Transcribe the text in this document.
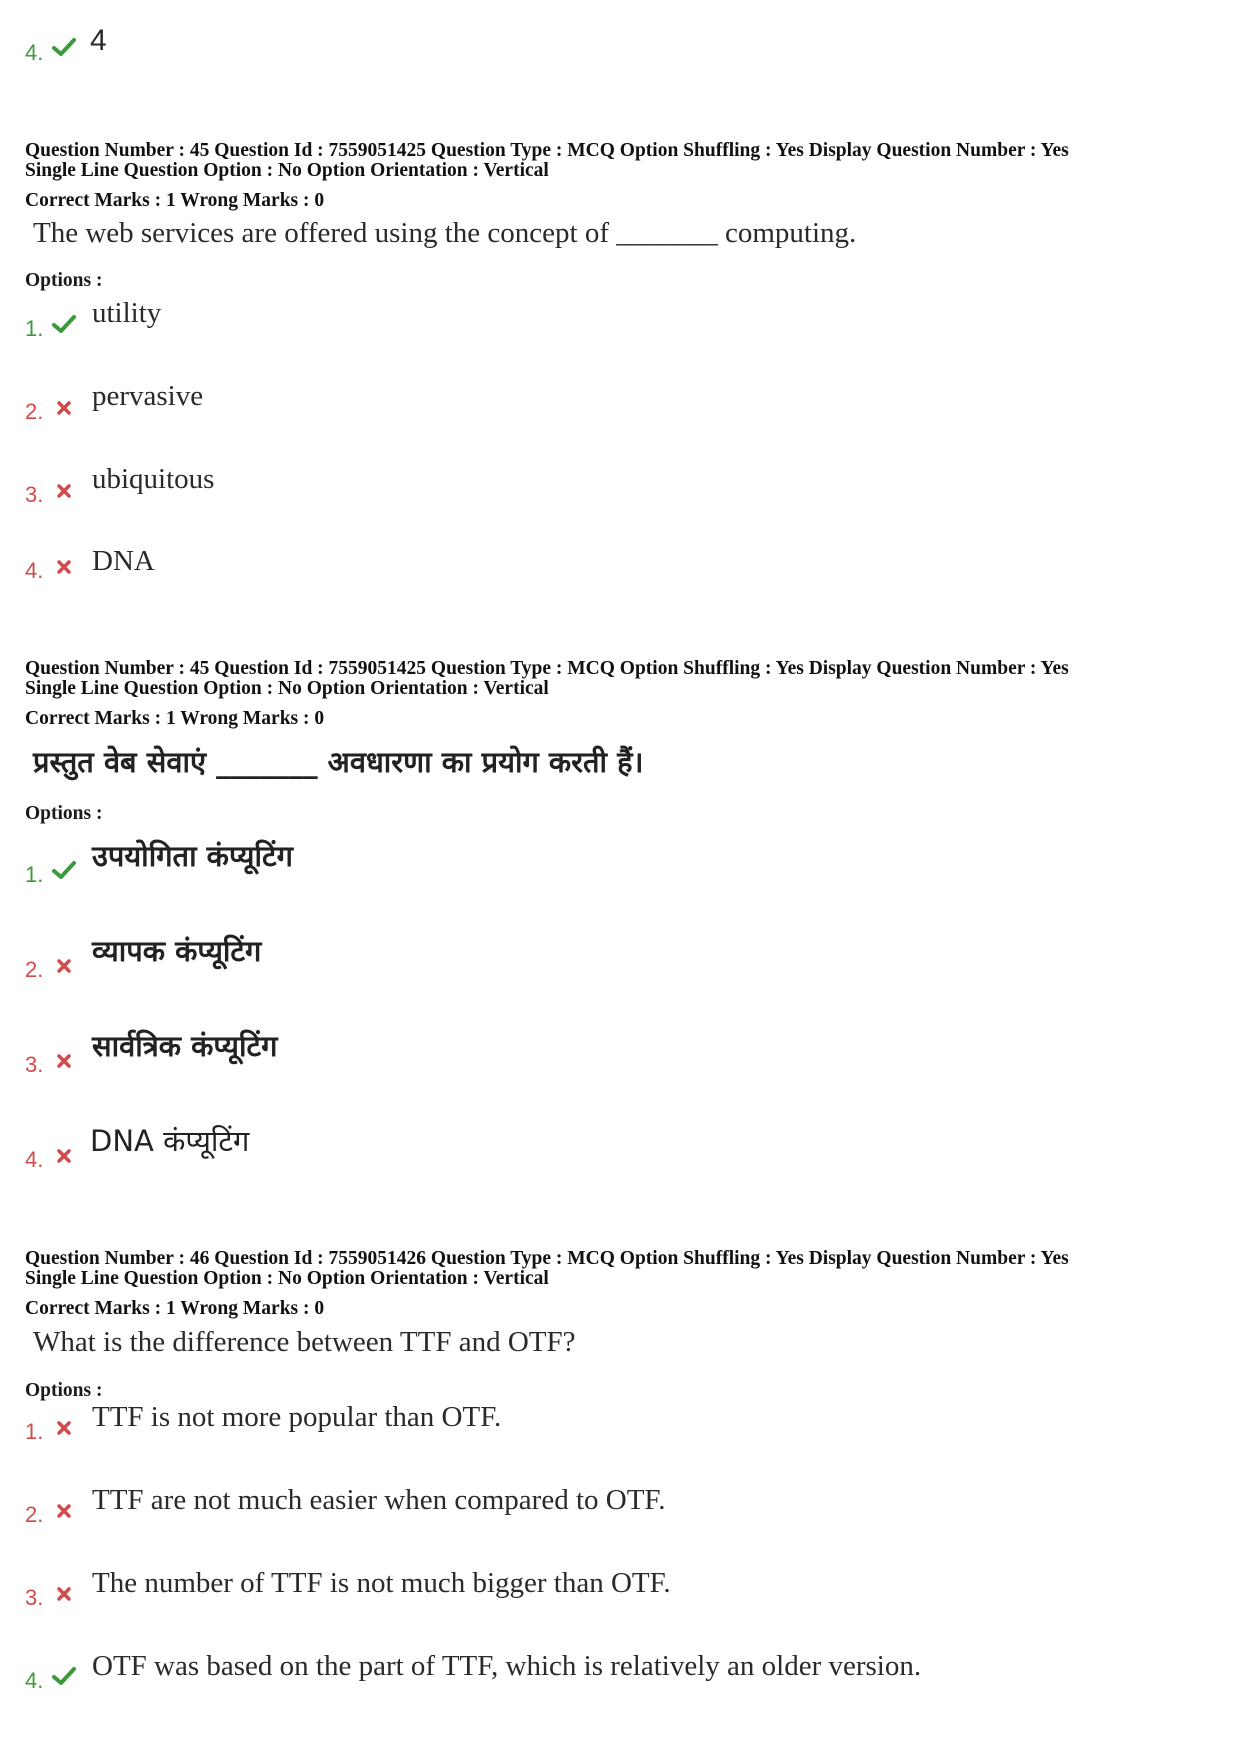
4. 4
Question Number : 45 Question Id : 7559051425 Question Type : MCQ Option Shuffling : Yes Display Question Number : Yes
Single Line Question Option : No Option Orientation : Vertical
Correct Marks : 1 Wrong Marks : 0
The web services are offered using the concept of _______ computing.
Options :
1. utility
2. pervasive
3. ubiquitous
4. DNA
Question Number : 45 Question Id : 7559051425 Question Type : MCQ Option Shuffling : Yes Display Question Number : Yes
Single Line Question Option : No Option Orientation : Vertical
Correct Marks : 1 Wrong Marks : 0
प्रस्तुत वेब सेवाएं _______ अवधारणा का प्रयोग करती हैं।
Options :
1.
उपयोगिता कंप्यूटिंग
2.
व्यापक कंप्यूटिंग
3.
सार्वत्रिक कंप्यूटिंग
4.
DNA कंप्यूटिंग
Question Number : 46 Question Id : 7559051426 Question Type : MCQ Option Shuffling : Yes Display Question Number : Yes
Single Line Question Option : No Option Orientation : Vertical
Correct Marks : 1 Wrong Marks : 0
What is the difference between TTF and OTF?
Options :
1. TTF is not more popular than OTF.
2. TTF are not much easier when compared to OTF.
3. The number of TTF is not much bigger than OTF.
4. OTF was based on the part of TTF, which is relatively an older version.
